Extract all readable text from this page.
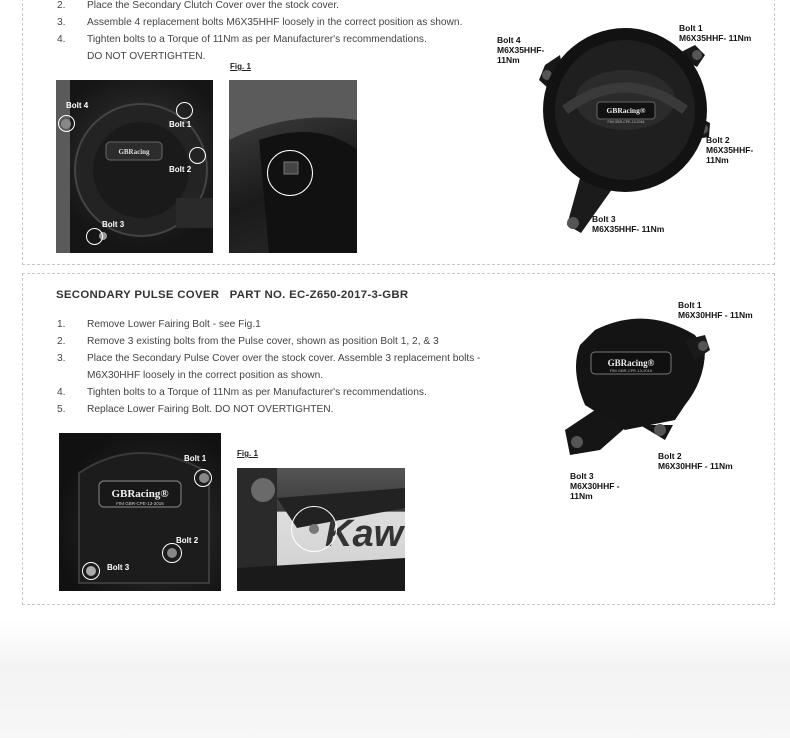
2.	Place the Secondary Clutch Cover over the stock cover.
3.	Assemble 4 replacement bolts M6X35HHF loosely in the correct position as shown.
4.	Tighten bolts to a Torque of 11Nm as per Manufacturer's recommendations.
DO NOT OVERTIGHTEN.
Fig. 1
GBRacing
Bolt 4
Bolt 1
Bolt 2
Bolt 3
GBRacing®
FIM GBR-CPE-13-2016
Bolt 1
M6X35HHF- 11Nm
Bolt 4
M6X35HHF-
11Nm
Bolt 2
M6X35HHF-
11Nm
Bolt 3
M6X35HHF- 11Nm
SECONDARY PULSE COVER   PART NO. EC-Z650-2017-3-GBR
1.	Remove Lower Fairing Bolt - see Fig.1
2.	Remove 3 existing bolts from the Pulse cover, shown as position Bolt 1, 2, & 3
3.	Place the Secondary Pulse Cover over the stock cover. Assemble 3 replacement bolts -
M6X30HHF loosely in the correct position as shown.
4.	Tighten bolts to a Torque of 11Nm as per Manufacturer's recommendations.
5.	Replace Lower Fairing Bolt. DO NOT OVERTIGHTEN.
Fig. 1
GBRacing®
FIM GBR-CPE-13-2016
Bolt 1
Bolt 2
Bolt 3
Kaw
GBRacing®
FIM GBR-CPE-13-2016
Bolt 1
M6X30HHF - 11Nm
Bolt 2
M6X30HHF - 11Nm
Bolt 3
M6X30HHF -
11Nm
